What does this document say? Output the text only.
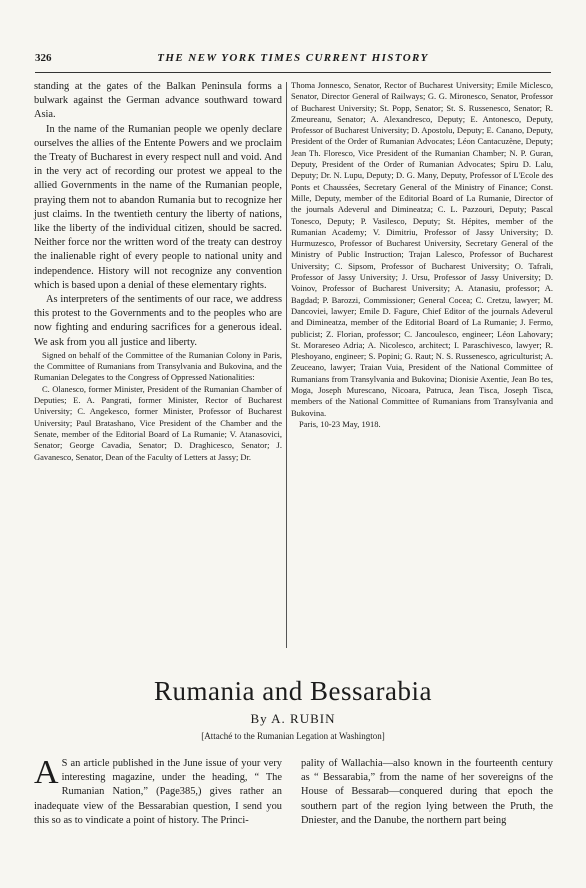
326	THE NEW YORK TIMES CURRENT HISTORY

standing at the gates of the Balkan Peninsula forms a bulwark against the German advance southward toward Asia.

In the name of the Rumanian people we openly declare ourselves the allies of the Entente Powers and we proclaim the Treaty of Bucharest in every respect null and void. And in the very act of recording our protest we appeal to the allied Governments in the name of the Rumanian people, praying them not to abandon Rumania but to recognize her just claims. In the twentieth century the liberty of nations, like the liberty of the individual citizen, should be sacred. Neither force nor the written word of the treaty can destroy the inalienable right of every people to national unity and independence. History will not recognize any convention which is based upon a denial of these elementary rights.

As interpreters of the sentiments of our race, we address this protest to the Governments and to the peoples who are now fighting and enduring sacrifices for a generous ideal. We ask from you all justice and liberty.

Signed on behalf of the Committee of the Rumanian Colony in Paris, the Committee of Rumanians from Transylvania and Bukovina, and the Rumanian Delegates to the Congress of Oppressed Nationalities:

C. Olanesco, former Minister, President of the Rumanian Chamber of Deputies; E. A. Pangrati, former Minister, Rector of Bucharest University; C. Angekesco, former Minister, Professor of Bucharest University; Paul Bratashano, Vice President of the Chamber and the Senate, member of the Editorial Board of La Rumanie; V. Atanasovici, Senator; George Cavadia, Senator; D. Draghicesco, Senator; J. Gavanesco, Senator, Dean of the Faculty of Letters at Jassy; Dr.

Thoma Jonnesco, Senator, Rector of Bucharest University; Emile Miclesco, Senator, Director General of Railways; G. G. Mironesco, Senator, Professor of Bucharest University; St. Popp, Senator; St. S. Russenesco, Senator; R. Zmeureanu, Senator; A. Alexandresco, Deputy; E. Antonesco, Deputy, Professor of Bucharest University; D. Apostolu, Deputy; E. Canano, Deputy, President of the Order of Rumanian Advocates; Léon Cantacuzène, Deputy; Jean Th. Floresco, Vice President of the Rumanian Chamber; N. P. Guran, Deputy, President of the Order of Rumanian Advocates; Spiru D. Lalu, Deputy; Dr. N. Lupu, Deputy; D. G. Many, Deputy, Professor of L'Ecole des Ponts et Chaussées, Secretary General of the Ministry of Finance; Const. Mille, Deputy, member of the Editorial Board of La Rumanie, Director of the journals Adeverul and Dimineatza; C. L. Pazzouri, Deputy; Pascal Tonesco, Deputy; P. Vasilesco, Deputy; St. Hépites, member of the Rumanian Academy; V. Dimitriu, Professor of Jassy University; D. Hurmuzesco, Professor of Bucharest University, Secretary General of the Ministry of Public Instruction; Trajan Lalesco, Professor of Bucharest University; C. Sipsom, Professor of Bucharest University; O. Tafrali, Professor of Jassy University; J. Ursu, Professor of Jassy University; D. Voinov, Professor of Bucharest University; A. Atanasiu, professor; A. Bagdad; P. Barozzi, Commissioner; General Cocea; C. Cretzu, lawyer; M. Dancoviei, lawyer; Emile D. Fagure, Chief Editor of the journals Adeverul and Dimineatza, member of the Editorial Board of La Rumanie; J. Fermo, publicist; Z. Florian, professor; C. Jancoulesco, engineer; Léon Lahovary; St. Morareseo Adria; A. Nicolesco, architect; I. Paraschivesco, lawyer; R. Pleshoyano, engineer; S. Popini; G. Raut; N. S. Russenesco, agriculturist; A. Zeuceano, lawyer; Traian Vuia, President of the National Committee of Rumanians from Transylvania and Bukovina; Dionisie Axentie, Jean Bo tes, Moga, Joseph Murescano, Nicoara, Patruca, Jean Tisca, Joseph Tisca, members of the National Committee of Rumanians from Transylvania and Bukovina.

Paris, 10-23 May, 1918.

Rumania and Bessarabia
By A. RUBIN
[Attaché to the Rumanian Legation at Washington]

A S an article published in the June issue of your very interesting magazine, under the heading, “ The Rumanian Nation,” (Page385,) gives rather an inadequate view of the Bessarabian question, I send you this so as to vindicate a point of history. The Princi-

pality of Wallachia—also known in the fourteenth century as “ Bessarabia,” from the name of her sovereigns of the House of Bessarab—conquered during that epoch the southern part of the region lying between the Pruth, the Dniester, and the Danube, the northern part being
